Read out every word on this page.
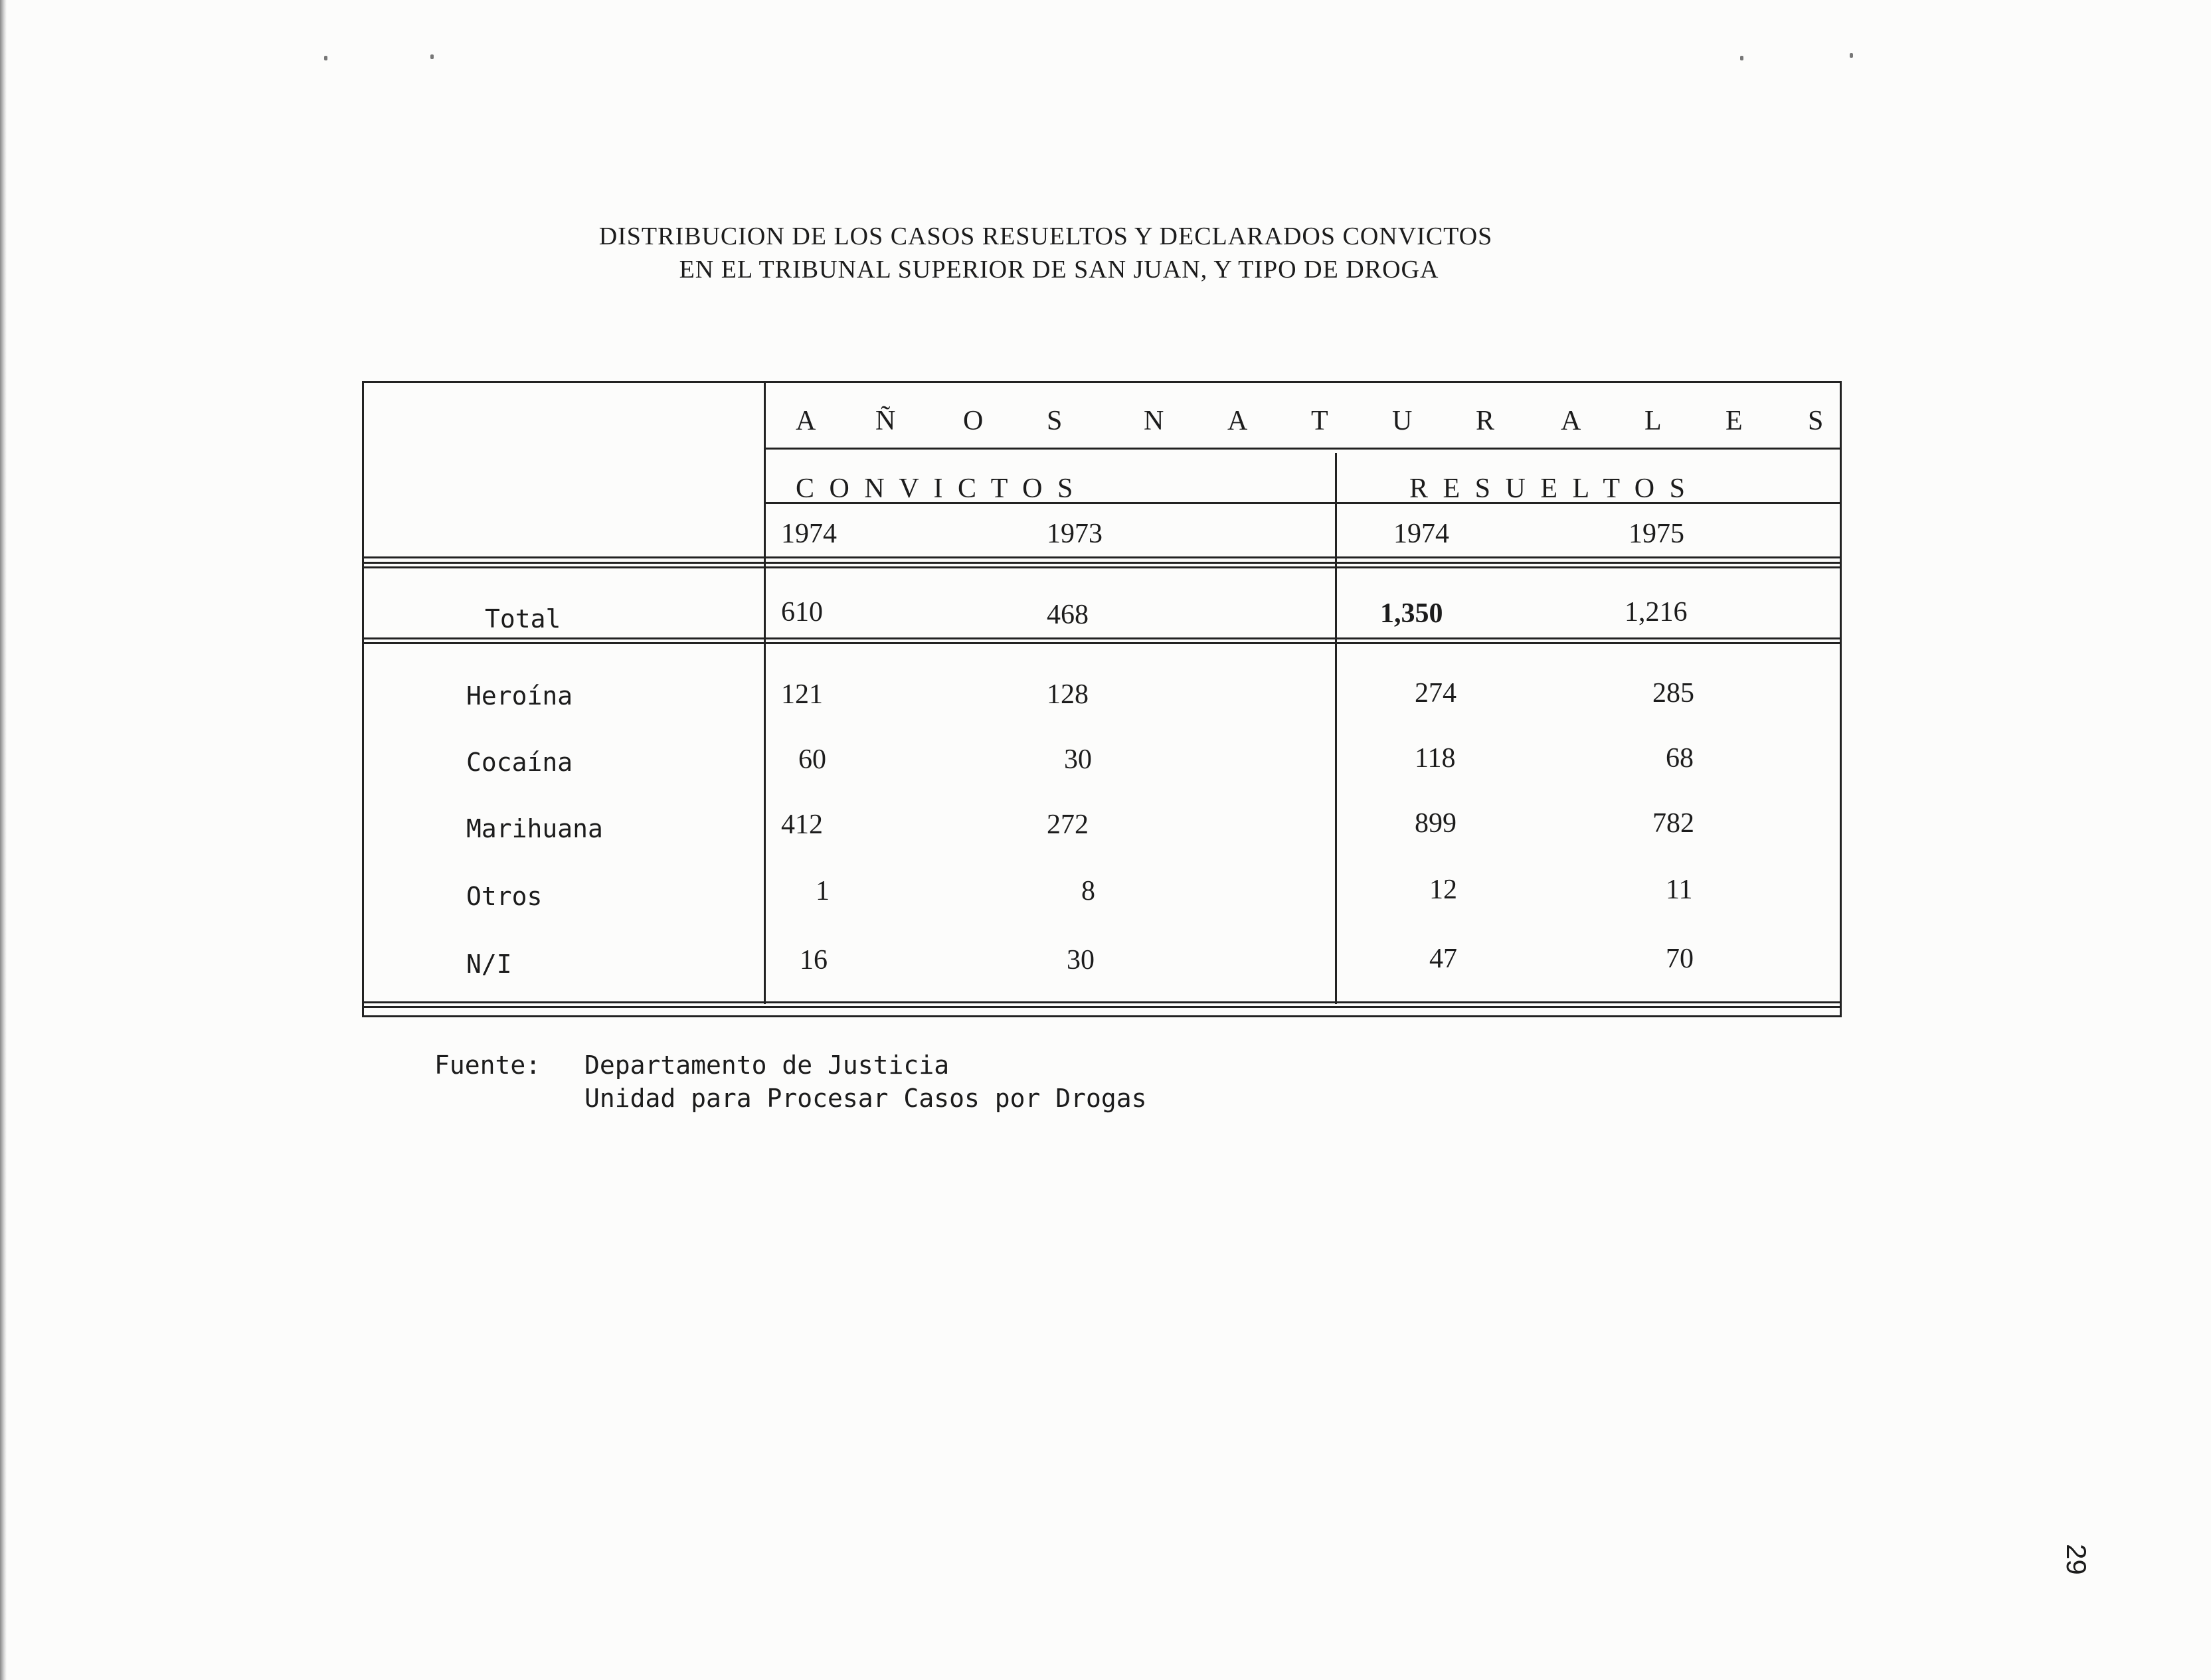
DISTRIBUCION DE LOS CASOS RESUELTOS Y DECLARADOS CONVICTOS
EN EL TRIBUNAL SUPERIOR DE SAN JUAN, Y TIPO DE DROGA
A Ñ O S	N A T U R A L E S
C O N V I C T O S	R E S U E L T O S
1974	1973	1974	1975
Total	610	468	1,350	1,216
Heroína	121	128	274	285
Cocaína	60	30	118	68
Marihuana	412	272	899	782
Otros	1	8	12	11
N/I	16	30	47	70
Fuente: Departamento de Justicia
Unidad para Procesar Casos por Drogas
29
